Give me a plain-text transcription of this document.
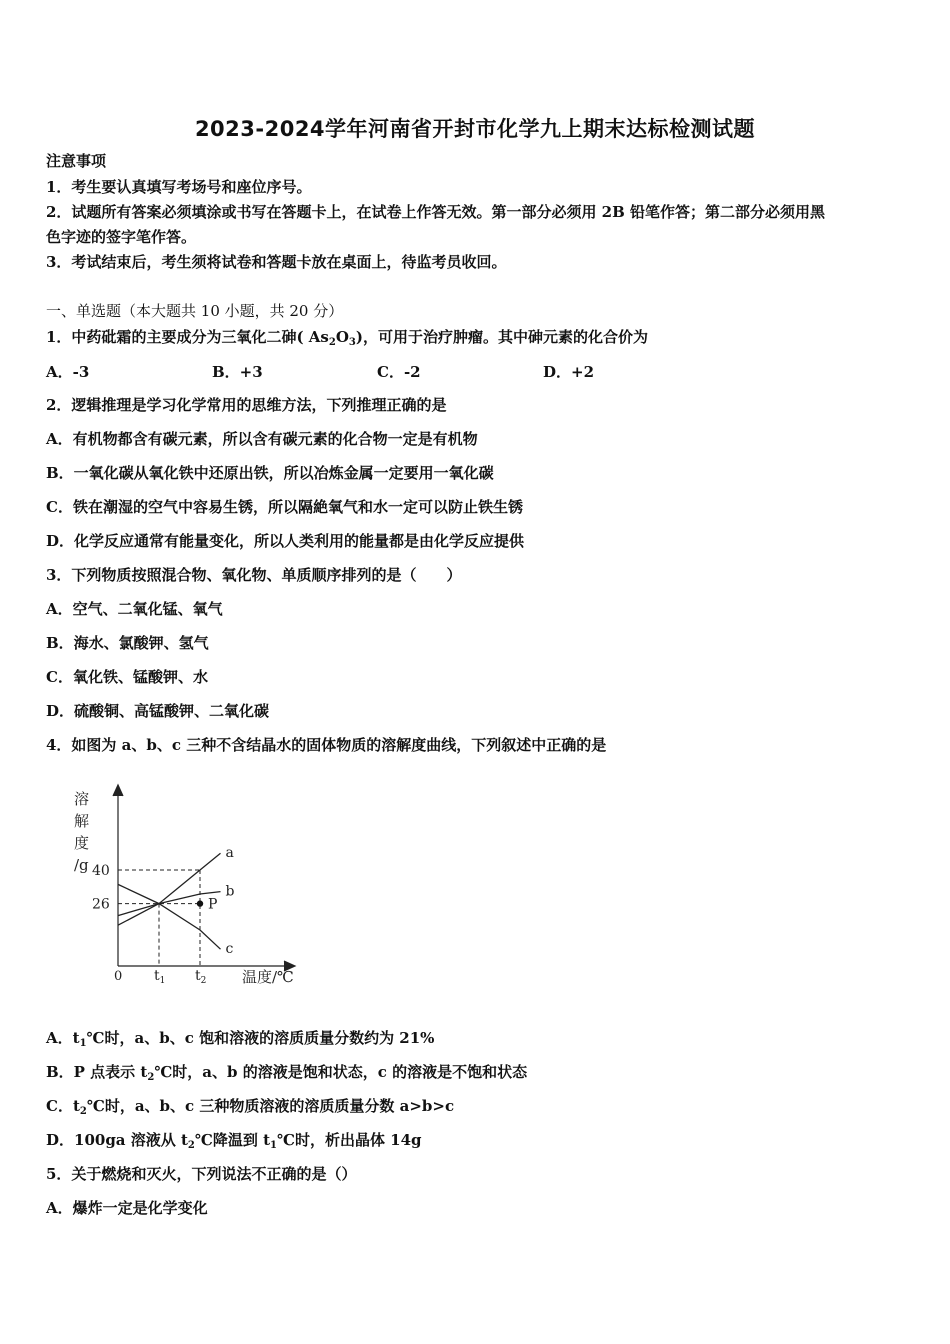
2023-2024学年河南省开封市化学九上期末达标检测试题
注意事项
1．考生要认真填写考场号和座位序号。
2．试题所有答案必须填涂或书写在答题卡上，在试卷上作答无效。第一部分必须用 2B 铅笔作答；第二部分必须用黑
色字迹的签字笔作答。
3．考试结束后，考生须将试卷和答题卡放在桌面上，待监考员收回。
一、单选题（本大题共 10 小题，共 20 分）
1．中药砒霜的主要成分为三氧化二砷( $As_2O_3$)，可用于治疗肿瘤。其中砷元素的化合价为
A．-3	B．+3	C．-2	D．+2
2．逻辑推理是学习化学常用的思维方法，下列推理正确的是
A．有机物都含有碳元素，所以含有碳元素的化合物一定是有机物
B．一氧化碳从氧化铁中还原出铁，所以冶炼金属一定要用一氧化碳
C．铁在潮湿的空气中容易生锈，所以隔絶氧气和水一定可以防止铁生锈
D．化学反应通常有能量变化，所以人类利用的能量都是由化学反应提供
3．下列物质按照混合物、氧化物、单质顺序排列的是（　　）
A．空气、二氧化锰、氧气
B．海水、氯酸钾、氢气
C．氧化铁、锰酸钾、水
D．硫酸铜、高锰酸钾、二氧化碳
4．如图为 a、b、c 三种不含结晶水的固体物质的溶解度曲线，下列叙述中正确的是
40
26
$t_1$ $t_2$
a
b
c
P
溶
解
度
/g
0	温度/℃
A．$t_1℃$时，a、b、c 饱和溶液的溶质质量分数约为 21%
B．P 点表示 $t_2℃$时，a、b 的溶液是饱和状态，c 的溶液是不饱和状态
C．$t_2℃$时，a、b、c 三种物质溶液的溶质质量分数 a>b>c
D．100ga 溶液从 $t_2℃$降温到 $t_1℃$时，析出晶体 14g
5．关于燃烧和灭火，下列说法不正确的是（）
A．爆炸一定是化学变化
